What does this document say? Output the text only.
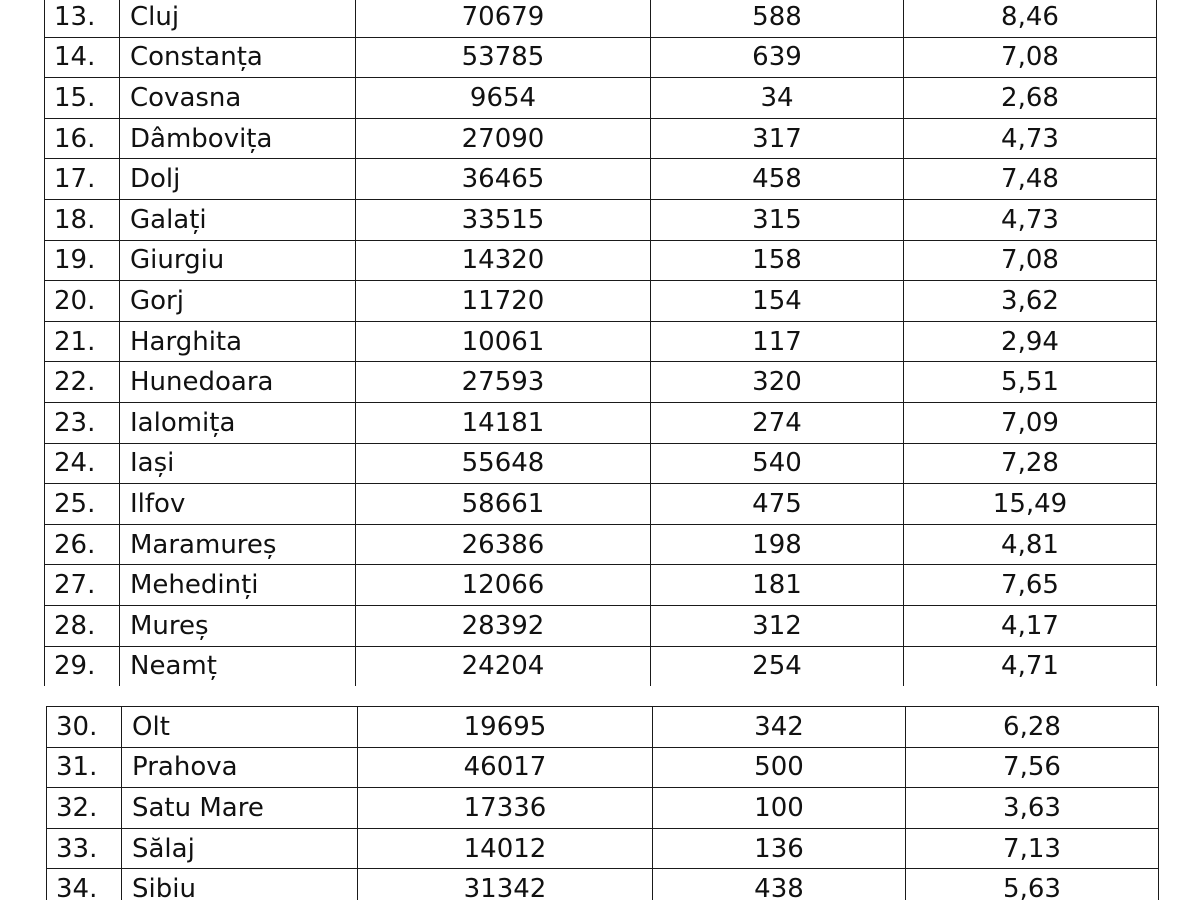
13.	Cluj	70679	588	8,46
14.	Constanța	53785	639	7,08
15.	Covasna	9654	34	2,68
16.	Dâmbovița	27090	317	4,73
17.	Dolj	36465	458	7,48
18.	Galați	33515	315	4,73
19.	Giurgiu	14320	158	7,08
20.	Gorj	11720	154	3,62
21.	Harghita	10061	117	2,94
22.	Hunedoara	27593	320	5,51
23.	Ialomița	14181	274	7,09
24.	Iași	55648	540	7,28
25.	Ilfov	58661	475	15,49
26.	Maramureș	26386	198	4,81
27.	Mehedinți	12066	181	7,65
28.	Mureș	28392	312	4,17
29.	Neamț	24204	254	4,71
30.	Olt	19695	342	6,28
31.	Prahova	46017	500	7,56
32.	Satu Mare	17336	100	3,63
33.	Sălaj	14012	136	7,13
34.	Sibiu	31342	438	5,63
